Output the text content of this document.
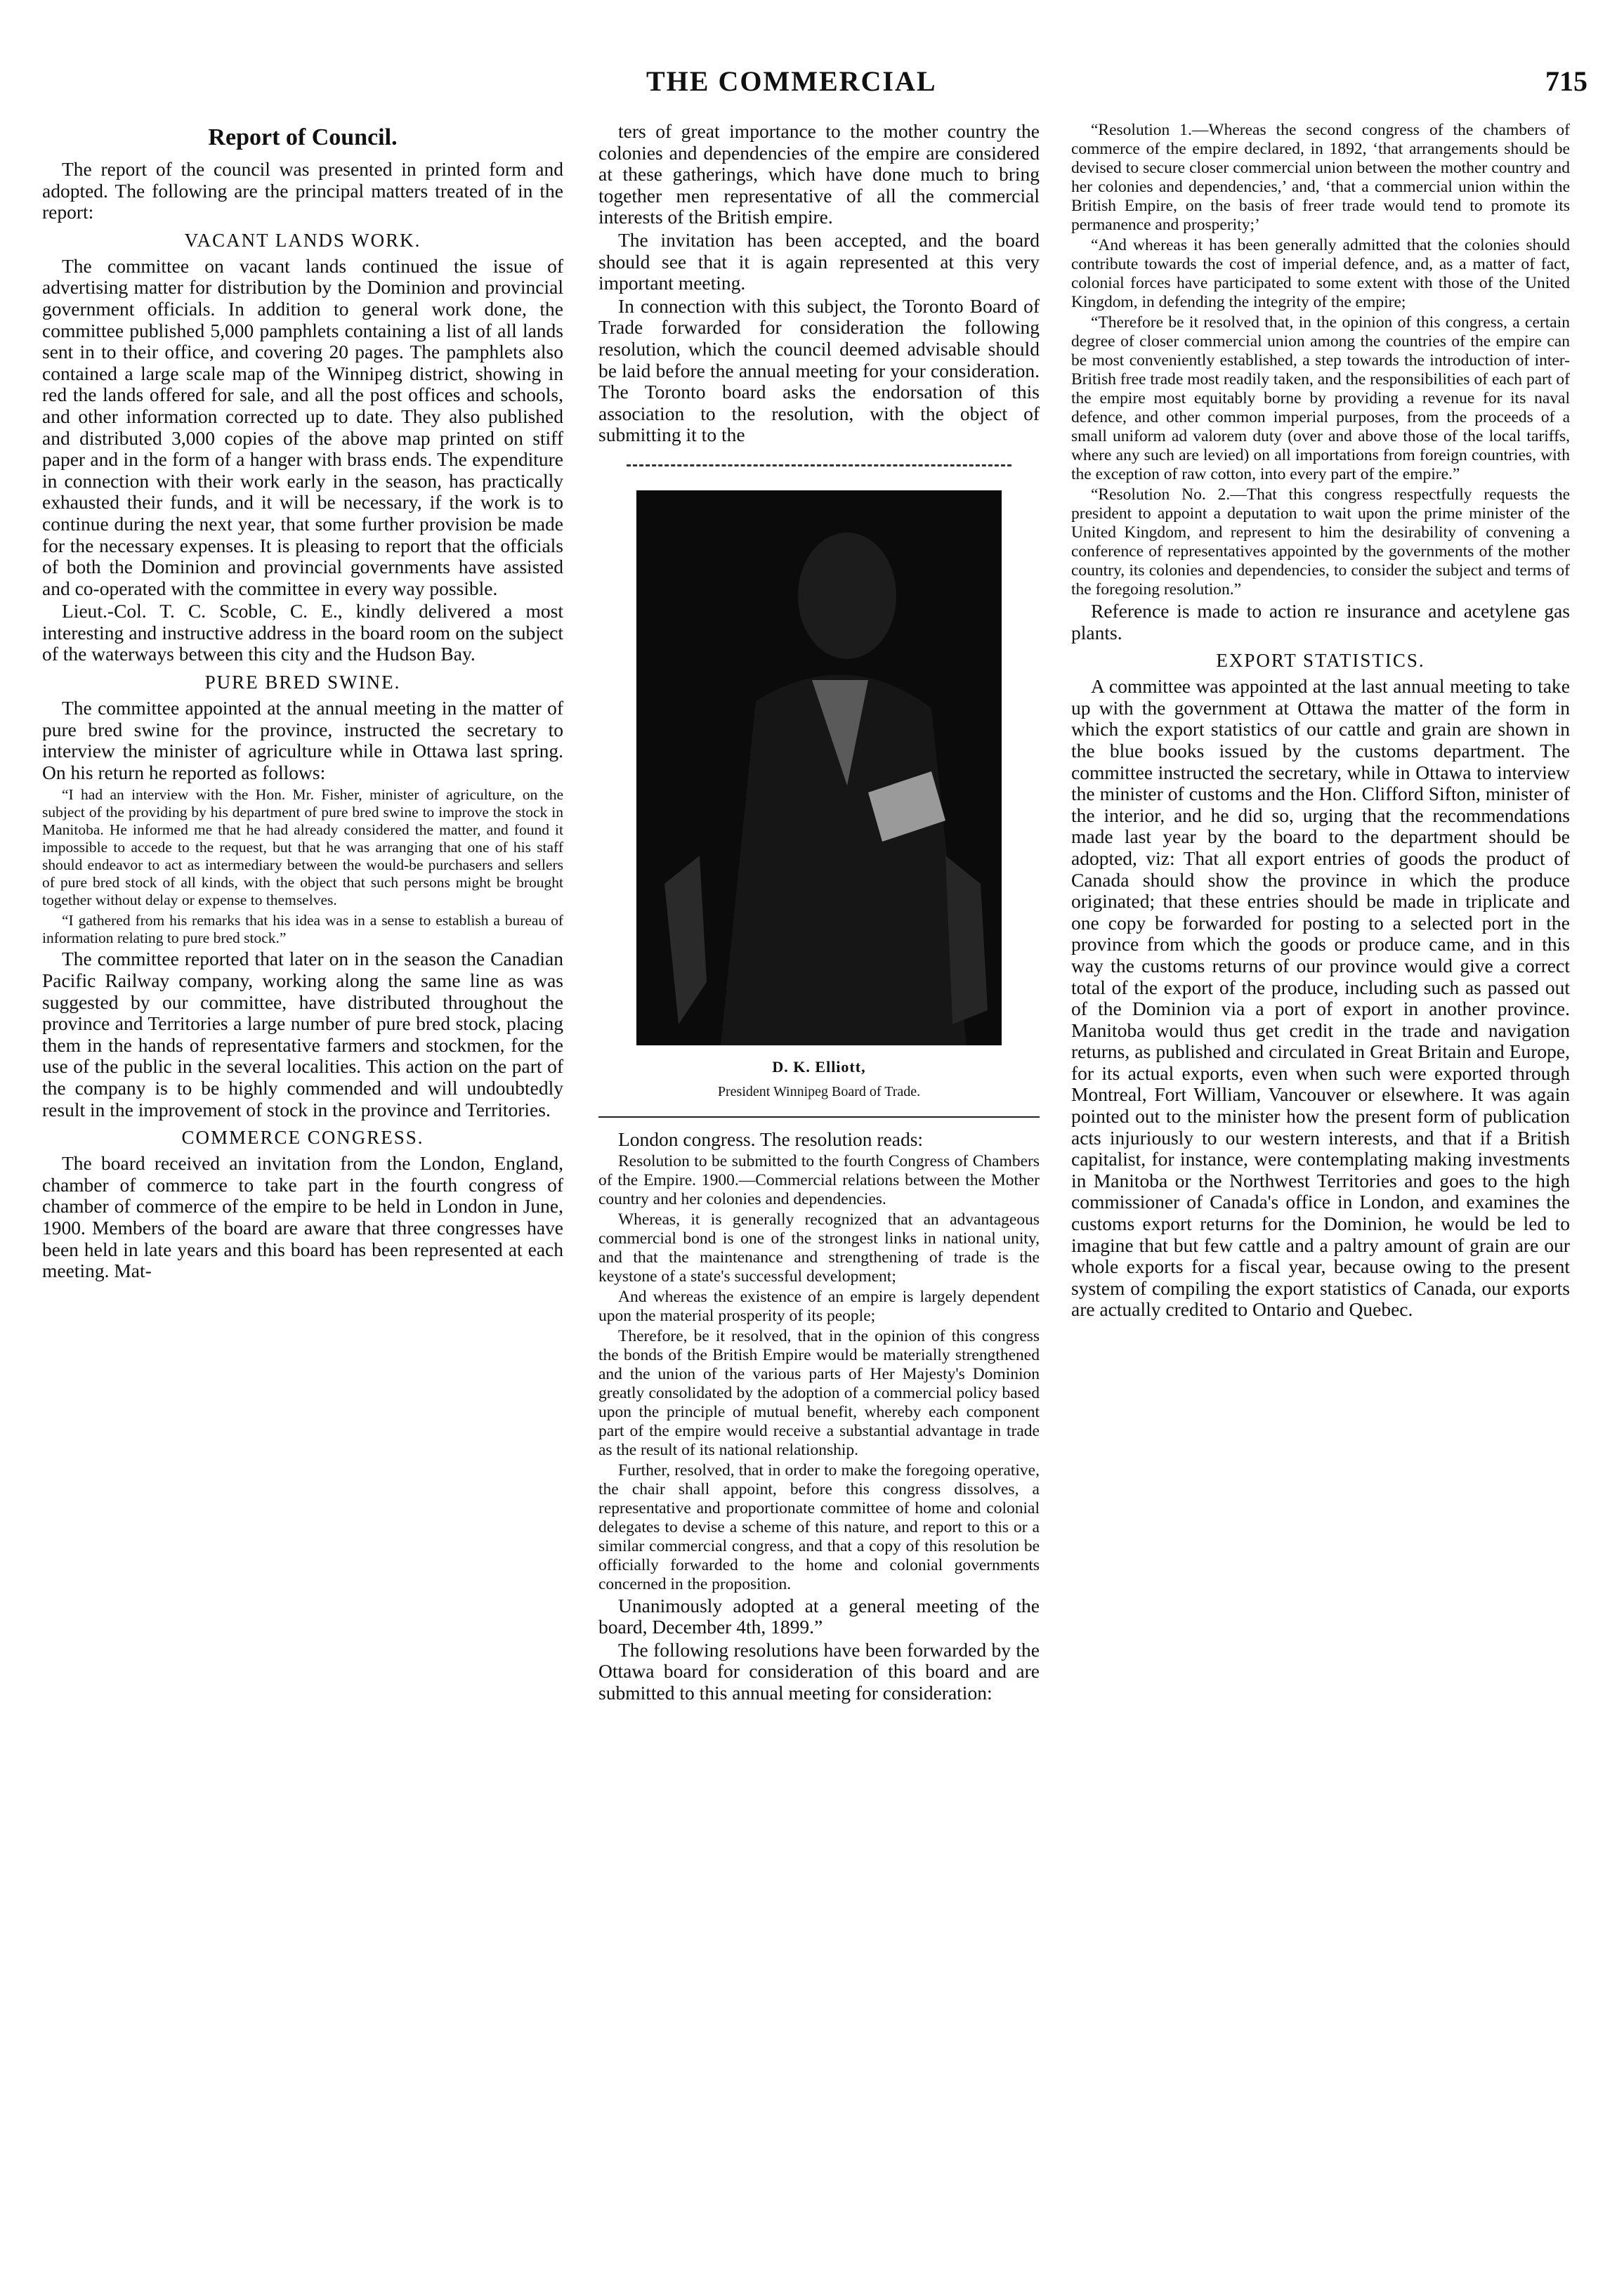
THE COMMERCIAL	715
Report of Council.

The report of the council was presented in printed form and adopted. The following are the principal matters treated of in the report:

VACANT LANDS WORK.

The committee on vacant lands continued the issue of advertising matter for distribution by the Dominion and provincial government officials. In addition to general work done, the committee published 5,000 pamphlets containing a list of all lands sent in to their office, and covering 20 pages. The pamphlets also contained a large scale map of the Winnipeg district, showing in red the lands offered for sale, and all the post offices and schools, and other information corrected up to date. They also published and distributed 3,000 copies of the above map printed on stiff paper and in the form of a hanger with brass ends. The expenditure in connection with their work early in the season, has practically exhausted their funds, and it will be necessary, if the work is to continue during the next year, that some further provision be made for the necessary expenses. It is pleasing to report that the officials of both the Dominion and provincial governments have assisted and co-operated with the committee in every way possible.

Lieut.-Col. T. C. Scoble, C. E., kindly delivered a most interesting and instructive address in the board room on the subject of the waterways between this city and the Hudson Bay.

PURE BRED SWINE.

The committee appointed at the annual meeting in the matter of pure bred swine for the province, instructed the secretary to interview the minister of agriculture while in Ottawa last spring. On his return he reported as follows:

“I had an interview with the Hon. Mr. Fisher, minister of agriculture, on the subject of the providing by his department of pure bred swine to improve the stock in Manitoba. He informed me that he had already considered the matter, and found it impossible to accede to the request, but that he was arranging that one of his staff should endeavor to act as intermediary between the would-be purchasers and sellers of pure bred stock of all kinds, with the object that such persons might be brought together without delay or expense to themselves.

“I gathered from his remarks that his idea was in a sense to establish a bureau of information relating to pure bred stock.”

The committee reported that later on in the season the Canadian Pacific Railway company, working along the same line as was suggested by our committee, have distributed throughout the province and Territories a large number of pure bred stock, placing them in the hands of representative farmers and stockmen, for the use of the public in the several localities. This action on the part of the company is to be highly commended and will undoubtedly result in the improvement of stock in the province and Territories.

COMMERCE CONGRESS.

The board received an invitation from the London, England, chamber of commerce to take part in the fourth congress of chamber of commerce of the empire to be held in London in June, 1900. Members of the board are aware that three congresses have been held in late years and this board has been represented at each meeting. Mat-

ters of great importance to the mother country the colonies and dependencies of the empire are considered at these gatherings, which have done much to bring together men representative of all the commercial interests of the British empire.

The invitation has been accepted, and the board should see that it is again represented at this very important meeting.

In connection with this subject, the Toronto Board of Trade forwarded for consideration the following resolution, which the council deemed advisable should be laid before the annual meeting for your consideration. The Toronto board asks the endorsation of this association to the resolution, with the object of submitting it to the

D. K. Elliott,
President Winnipeg Board of Trade.

London congress. The resolution reads:

Resolution to be submitted to the fourth Congress of Chambers of the Empire. 1900.—Commercial relations between the Mother country and her colonies and dependencies.

Whereas, it is generally recognized that an advantageous commercial bond is one of the strongest links in national unity, and that the maintenance and strengthening of trade is the keystone of a state's successful development;

And whereas the existence of an empire is largely dependent upon the material prosperity of its people;

Therefore, be it resolved, that in the opinion of this congress the bonds of the British Empire would be materially strengthened and the union of the various parts of Her Majesty's Dominion greatly consolidated by the adoption of a commercial policy based upon the principle of mutual benefit, whereby each component part of the empire would receive a substantial advantage in trade as the result of its national relationship.

Further, resolved, that in order to make the foregoing operative, the chair shall appoint, before this congress dissolves, a representative and proportionate committee of home and colonial delegates to devise a scheme of this nature, and report to this or a similar commercial congress, and that a copy of this resolution be officially forwarded to the home and colonial governments concerned in the proposition.

Unanimously adopted at a general meeting of the board, December 4th, 1899.”

The following resolutions have been forwarded by the Ottawa board for consideration of this board and are submitted to this annual meeting for consideration:

“Resolution 1.—Whereas the second congress of the chambers of commerce of the empire declared, in 1892, ‘that arrangements should be devised to secure closer commercial union between the mother country and her colonies and dependencies,’ and, ‘that a commercial union within the British Empire, on the basis of freer trade would tend to promote its permanence and prosperity;’

“And whereas it has been generally admitted that the colonies should contribute towards the cost of imperial defence, and, as a matter of fact, colonial forces have participated to some extent with those of the United Kingdom, in defending the integrity of the empire;

“Therefore be it resolved that, in the opinion of this congress, a certain degree of closer commercial union among the countries of the empire can be most conveniently established, a step towards the introduction of inter-British free trade most readily taken, and the responsibilities of each part of the empire most equitably borne by providing a revenue for its naval defence, and other common imperial purposes, from the proceeds of a small uniform ad valorem duty (over and above those of the local tariffs, where any such are levied) on all importations from foreign countries, with the exception of raw cotton, into every part of the empire.”

“Resolution No. 2.—That this congress respectfully requests the president to appoint a deputation to wait upon the prime minister of the United Kingdom, and represent to him the desirability of convening a conference of representatives appointed by the governments of the mother country, its colonies and dependencies, to consider the subject and terms of the foregoing resolution.”

Reference is made to action re insurance and acetylene gas plants.

EXPORT STATISTICS.

A committee was appointed at the last annual meeting to take up with the government at Ottawa the matter of the form in which the export statistics of our cattle and grain are shown in the blue books issued by the customs department. The committee instructed the secretary, while in Ottawa to interview the minister of customs and the Hon. Clifford Sifton, minister of the interior, and he did so, urging that the recommendations made last year by the board to the department should be adopted, viz: That all export entries of goods the product of Canada should show the province in which the produce originated; that these entries should be made in triplicate and one copy be forwarded for posting to a selected port in the province from which the goods or produce came, and in this way the customs returns of our province would give a correct total of the export of the produce, including such as passed out of the Dominion via a port of export in another province. Manitoba would thus get credit in the trade and navigation returns, as published and circulated in Great Britain and Europe, for its actual exports, even when such were exported through Montreal, Fort William, Vancouver or elsewhere. It was again pointed out to the minister how the present form of publication acts injuriously to our western interests, and that if a British capitalist, for instance, were contemplating making investments in Manitoba or the Northwest Territories and goes to the high commissioner of Canada's office in London, and examines the customs export returns for the Dominion, he would be led to imagine that but few cattle and a paltry amount of grain are our whole exports for a fiscal year, because owing to the present system of compiling the export statistics of Canada, our exports are actually credited to Ontario and Quebec.
